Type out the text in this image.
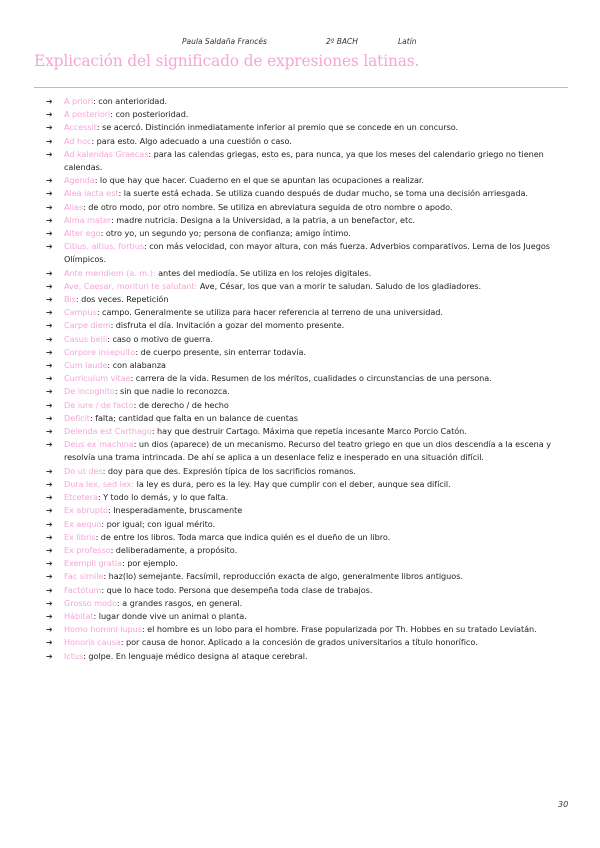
Paula Saldaña Francés	2º BACH	Latín
Explicación del significado de expresiones latinas.
➔ A priori: con anterioridad.
➔ A posteriori: con posterioridad.
➔ Accessit: se acercó. Distinción inmediatamente inferior al premio que se concede en un concurso.
➔ Ad hoc: para esto. Algo adecuado a una cuestión o caso.
➔ Ad kalendas Graecas: para las calendas griegas, esto es, para nunca, ya que los meses del calendario griego no tienen calendas.
➔ Agenda: lo que hay que hacer. Cuaderno en el que se apuntan las ocupaciones a realizar.
➔ Alea iacta est: la suerte está echada. Se utiliza cuando después de dudar mucho, se toma una decisión arriesgada.
➔ Alias: de otro modo, por otro nombre. Se utiliza en abreviatura seguida de otro nombre o apodo.
➔ Alma mater: madre nutricia. Designa a la Universidad, a la patria, a un benefactor, etc.
➔ Alter ego: otro yo, un segundo yo; persona de confianza; amigo íntimo.
➔ Citius, altius, fortius: con más velocidad, con mayor altura, con más fuerza. Adverbios comparativos. Lema de los Juegos Olímpicos.
➔ Ante meridiem (a. m.): antes del mediodía. Se utiliza en los relojes digitales.
➔ Ave, Caesar, morituri te salutant: Ave, César, los que van a morir te saludan. Saludo de los gladiadores.
➔ Bis: dos veces. Repetición
➔ Campus: campo. Generalmente se utiliza para hacer referencia al terreno de una universidad.
➔ Carpe diem: disfruta el día. Invitación a gozar del momento presente.
➔ Casus belli: caso o motivo de guerra.
➔ Corpore insepulto: de cuerpo presente, sin enterrar todavía.
➔ Cum laude: con alabanza
➔ Curriculum vitae: carrera de la vida. Resumen de los méritos, cualidades o circunstancias de una persona.
➔ De incognito: sin que nadie lo reconozca.
➔ De iure / de facto: de derecho / de hecho
➔ Deficit: falta; cantidad que falta en un balance de cuentas
➔ Delenda est Carthago: hay que destruir Cartago. Máxima que repetía incesante Marco Porcio Catón.
➔ Deus ex machina: un dios (aparece) de un mecanismo. Recurso del teatro griego en que un dios descendía a la escena y resolvía una trama intrincada. De ahí se aplica a un desenlace feliz e inesperado en una situación difícil.
➔ Do ut des: doy para que des. Expresión típica de los sacrificios romanos.
➔ Dura lex, sed lex: la ley es dura, pero es la ley. Hay que cumplir con el deber, aunque sea difícil.
➔ Etcetera: Y todo lo demás, y lo que falta.
➔ Ex abrupto: Inesperadamente, bruscamente
➔ Ex aequo: por igual; con igual mérito.
➔ Ex libris: de entre los libros. Toda marca que indica quién es el dueño de un libro.
➔ Ex professo: deliberadamente, a propósito.
➔ Exempli gratia: por ejemplo.
➔ Fac simile: haz(lo) semejante. Facsímil, reproducción exacta de algo, generalmente libros antiguos.
➔ Factótum: que lo hace todo. Persona que desempeña toda clase de trabajos.
➔ Grosso modo: a grandes rasgos, en general.
➔ Hábitat: lugar donde vive un animal o planta.
➔ Homo homini lupus: el hombre es un lobo para el hombre. Frase popularizada por Th. Hobbes en su tratado Leviatán.
➔ Honoris causa: por causa de honor. Aplicado a la concesión de grados universitarios a título honorífico.
➔ Ictus: golpe. En lenguaje médico designa al ataque cerebral.
30
